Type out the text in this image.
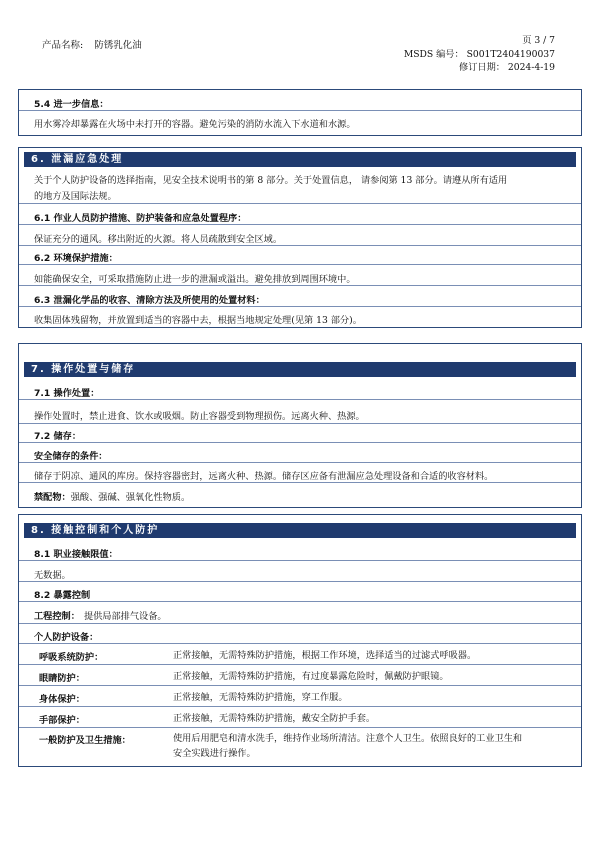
产品名称: 防锈乳化油	页 3 / 7
MSDS 编号： S001T2404190037
修订日期： 2024-4-19
5.4 进一步信息：
用水雾冷却暴露在火场中未打开的容器。避免污染的消防水流入下水道和水源。
6. 泄漏应急处理
关于个人防护设备的选择指南，见安全技术说明书的第 8 部分。关于处置信息， 请参阅第 13 部分。请遵从所有适用
的地方及国际法规。
6.1 作业人员防护措施、防护装备和应急处置程序：
保证充分的通风。移出附近的火源。将人员疏散到安全区域。
6.2 环境保护措施：
如能确保安全，可采取措施防止进一步的泄漏或溢出。避免排放到周围环境中。
6.3 泄漏化学品的收容、清除方法及所使用的处置材料：
收集固体残留物，并放置到适当的容器中去，根据当地规定处理(见第 13 部分)。
7. 操作处置与储存
7.1 操作处置：
操作处置时，禁止进食、饮水或吸烟。防止容器受到物理损伤。远离火种、热源。
7.2 储存：
安全储存的条件：
储存于阴凉、通风的库房。保持容器密封，远离火种、热源。储存区应备有泄漏应急处理设备和合适的收容材料。
禁配物：强酸、强碱、强氧化性物质。
8. 接触控制和个人防护
8.1 职业接触限值：
无数据。
8.2 暴露控制
工程控制： 提供局部排气设备。
个人防护设备：
呼吸系统防护：	正常接触，无需特殊防护措施，根据工作环境，选择适当的过滤式呼吸器。
眼睛防护：	正常接触，无需特殊防护措施，有过度暴露危险时，佩戴防护眼镜。
身体保护：	正常接触，无需特殊防护措施，穿工作服。
手部保护：	正常接触，无需特殊防护措施，戴安全防护手套。
一般防护及卫生措施：	使用后用肥皂和清水洗手，维持作业场所清洁。注意个人卫生。依照良好的工业卫生和
安全实践进行操作。
